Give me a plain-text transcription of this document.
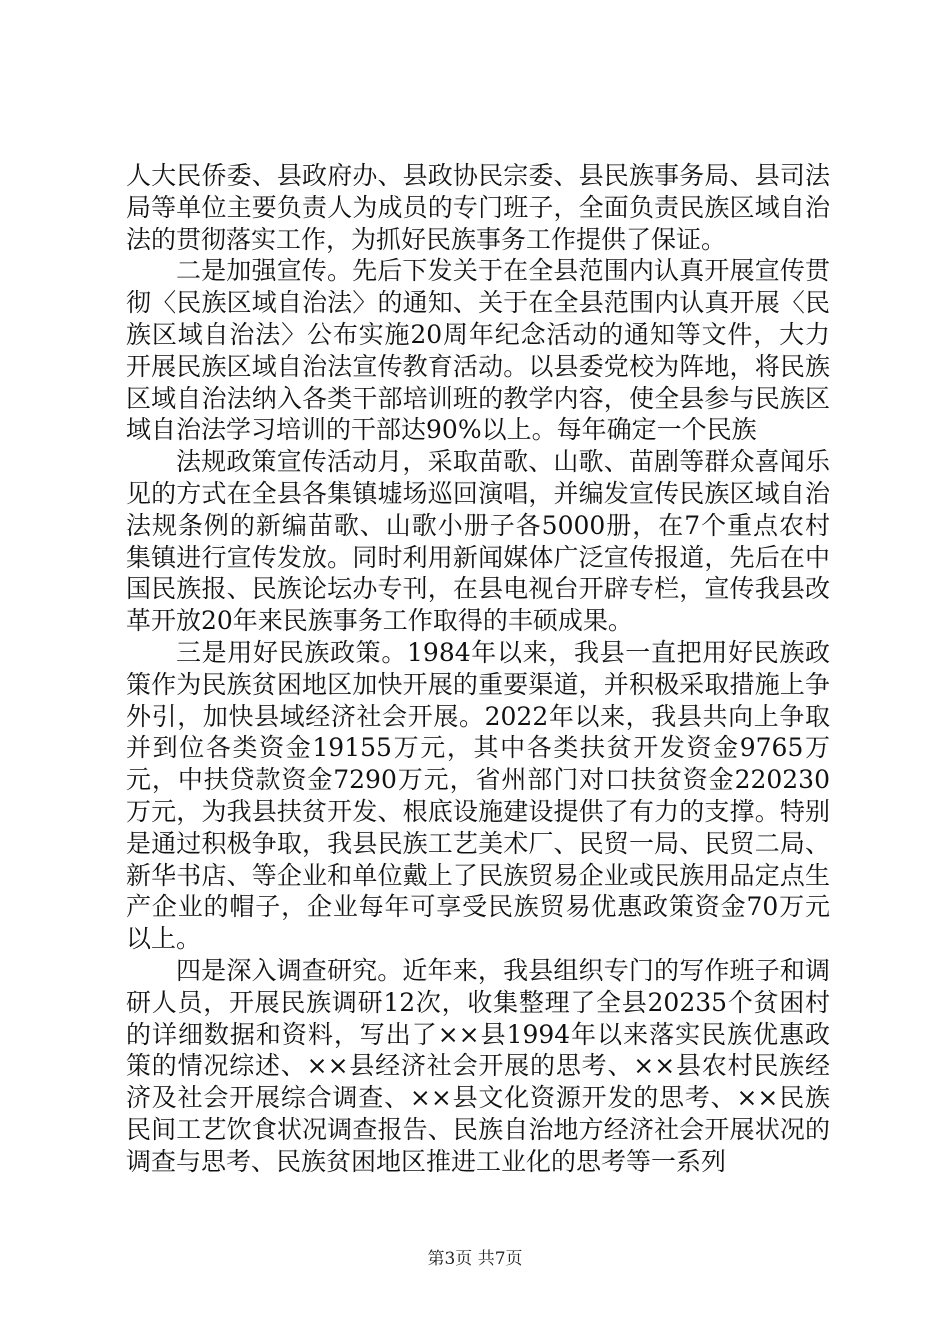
人大民侨委、县政府办、县政协民宗委、县民族事务局、县司法局等单位主要负责人为成员的专门班子，全面负责民族区域自治法的贯彻落实工作，为抓好民族事务工作提供了保证。

二是加强宣传。先后下发关于在全县范围内认真开展宣传贯彻〈民族区域自治法〉的通知、关于在全县范围内认真开展〈民族区域自治法〉公布实施20周年纪念活动的通知等文件，大力开展民族区域自治法宣传教育活动。以县委党校为阵地，将民族区域自治法纳入各类干部培训班的教学内容，使全县参与民族区域自治法学习培训的干部达90%以上。每年确定一个民族

法规政策宣传活动月，采取苗歌、山歌、苗剧等群众喜闻乐见的方式在全县各集镇墟场巡回演唱，并编发宣传民族区域自治法规条例的新编苗歌、山歌小册子各5000册，在7个重点农村集镇进行宣传发放。同时利用新闻媒体广泛宣传报道，先后在中国民族报、民族论坛办专刊，在县电视台开辟专栏，宣传我县改革开放20年来民族事务工作取得的丰硕成果。

三是用好民族政策。1984年以来，我县一直把用好民族政策作为民族贫困地区加快开展的重要渠道，并积极采取措施上争外引，加快县域经济社会开展。2022年以来，我县共向上争取并到位各类资金19155万元，其中各类扶贫开发资金9765万元，中扶贷款资金7290万元，省州部门对口扶贫资金220230万元，为我县扶贫开发、根底设施建设提供了有力的支撑。特别是通过积极争取，我县民族工艺美术厂、民贸一局、民贸二局、新华书店、等企业和单位戴上了民族贸易企业或民族用品定点生产企业的帽子，企业每年可享受民族贸易优惠政策资金70万元以上。

四是深入调查研究。近年来，我县组织专门的写作班子和调研人员，开展民族调研12次，收集整理了全县20235个贫困村的详细数据和资料，写出了××县1994年以来落实民族优惠政策的情况综述、××县经济社会开展的思考、××县农村民族经济及社会开展综合调查、××县文化资源开发的思考、××民族民间工艺饮食状况调查报告、民族自治地方经济社会开展状况的调查与思考、民族贫困地区推进工业化的思考等一系列

第3页 共7页
